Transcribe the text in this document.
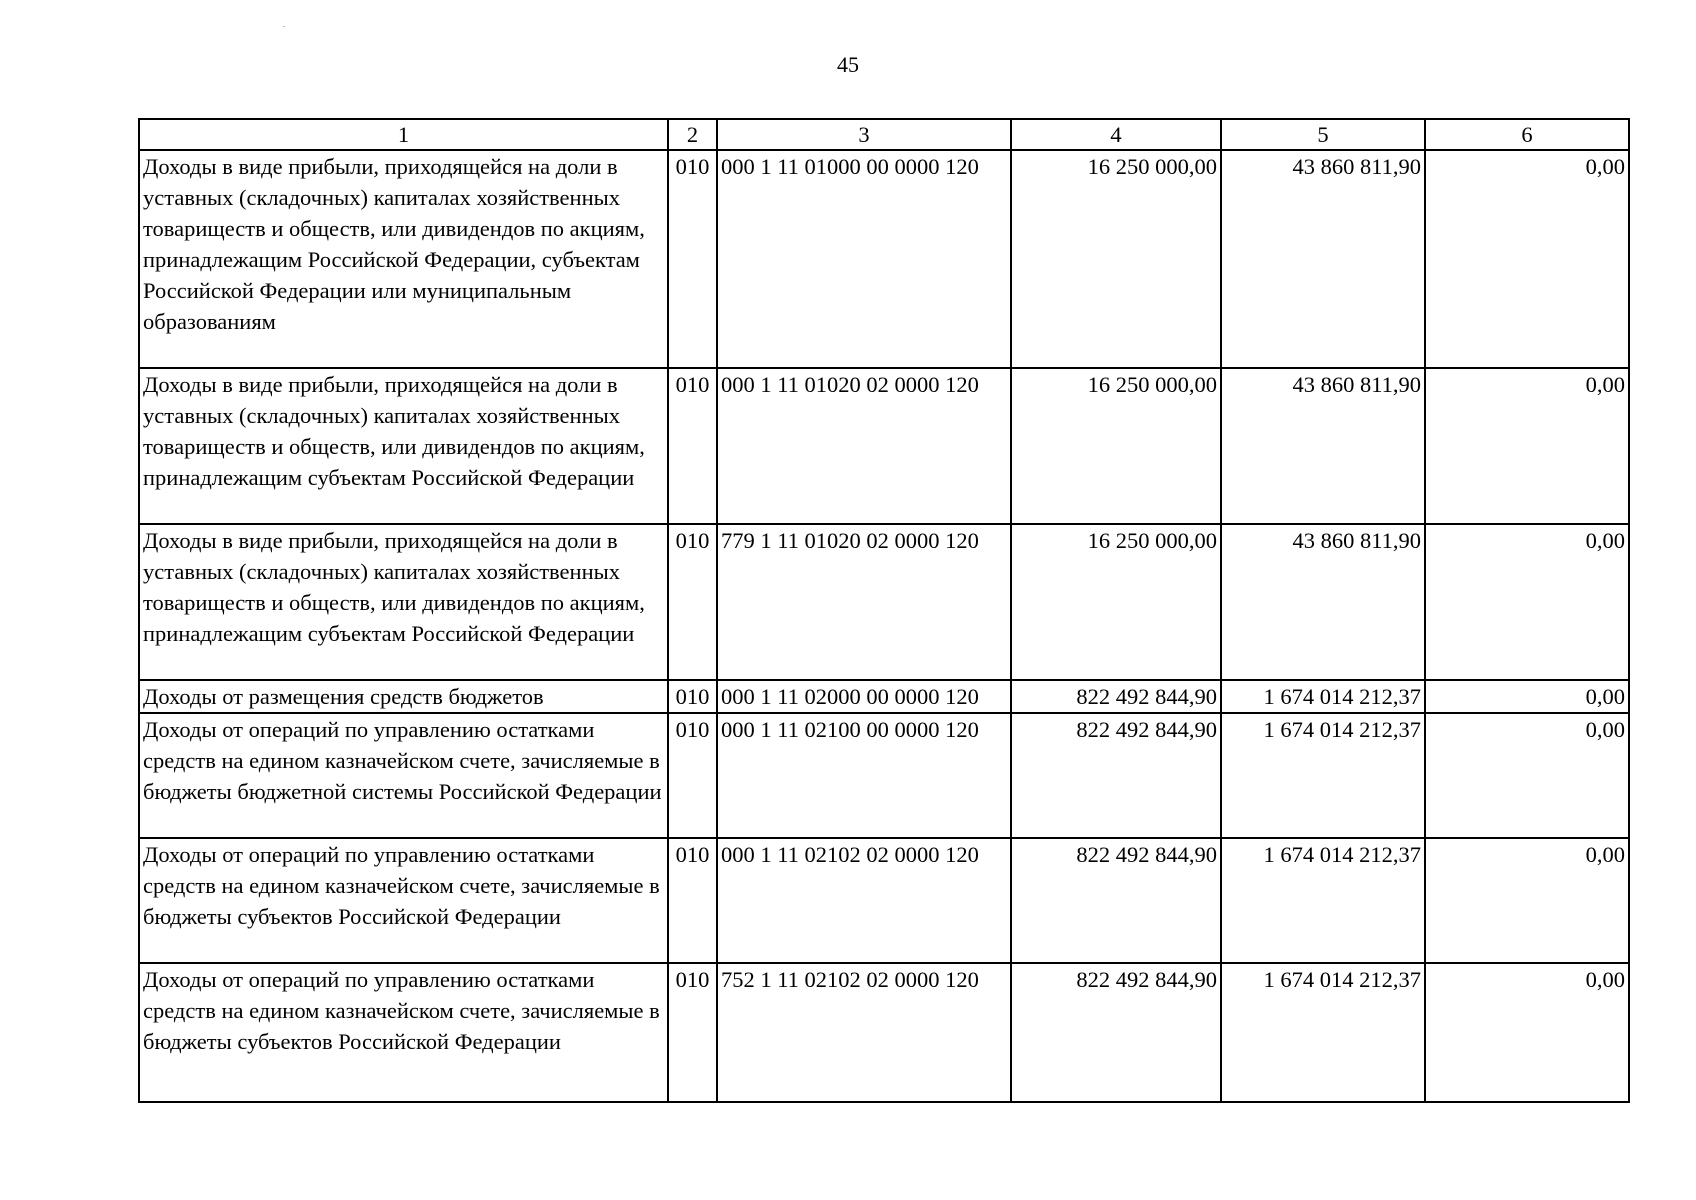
45
1	2	3	4	5	6
Доходы в виде прибыли, приходящейся на доли в уставных (складочных) капиталах хозяйственных товариществ и обществ, или дивидендов по акциям, принадлежащим Российской Федерации, субъектам Российской Федерации или муниципальным образованиям	010	000 1 11 01000 00 0000 120	16 250 000,00	43 860 811,90	0,00
Доходы в виде прибыли, приходящейся на доли в уставных (складочных) капиталах хозяйственных товариществ и обществ, или дивидендов по акциям, принадлежащим субъектам Российской Федерации	010	000 1 11 01020 02 0000 120	16 250 000,00	43 860 811,90	0,00
Доходы в виде прибыли, приходящейся на доли в уставных (складочных) капиталах хозяйственных товариществ и обществ, или дивидендов по акциям, принадлежащим субъектам Российской Федерации	010	779 1 11 01020 02 0000 120	16 250 000,00	43 860 811,90	0,00
Доходы от размещения средств бюджетов	010	000 1 11 02000 00 0000 120	822 492 844,90	1 674 014 212,37	0,00
Доходы от операций по управлению остатками средств на едином казначейском счете, зачисляемые в бюджеты бюджетной системы Российской Федерации	010	000 1 11 02100 00 0000 120	822 492 844,90	1 674 014 212,37	0,00
Доходы от операций по управлению остатками средств на едином казначейском счете, зачисляемые в бюджеты субъектов Российской Федерации	010	000 1 11 02102 02 0000 120	822 492 844,90	1 674 014 212,37	0,00
Доходы от операций по управлению остатками средств на едином казначейском счете, зачисляемые в бюджеты субъектов Российской Федерации	010	752 1 11 02102 02 0000 120	822 492 844,90	1 674 014 212,37	0,00
